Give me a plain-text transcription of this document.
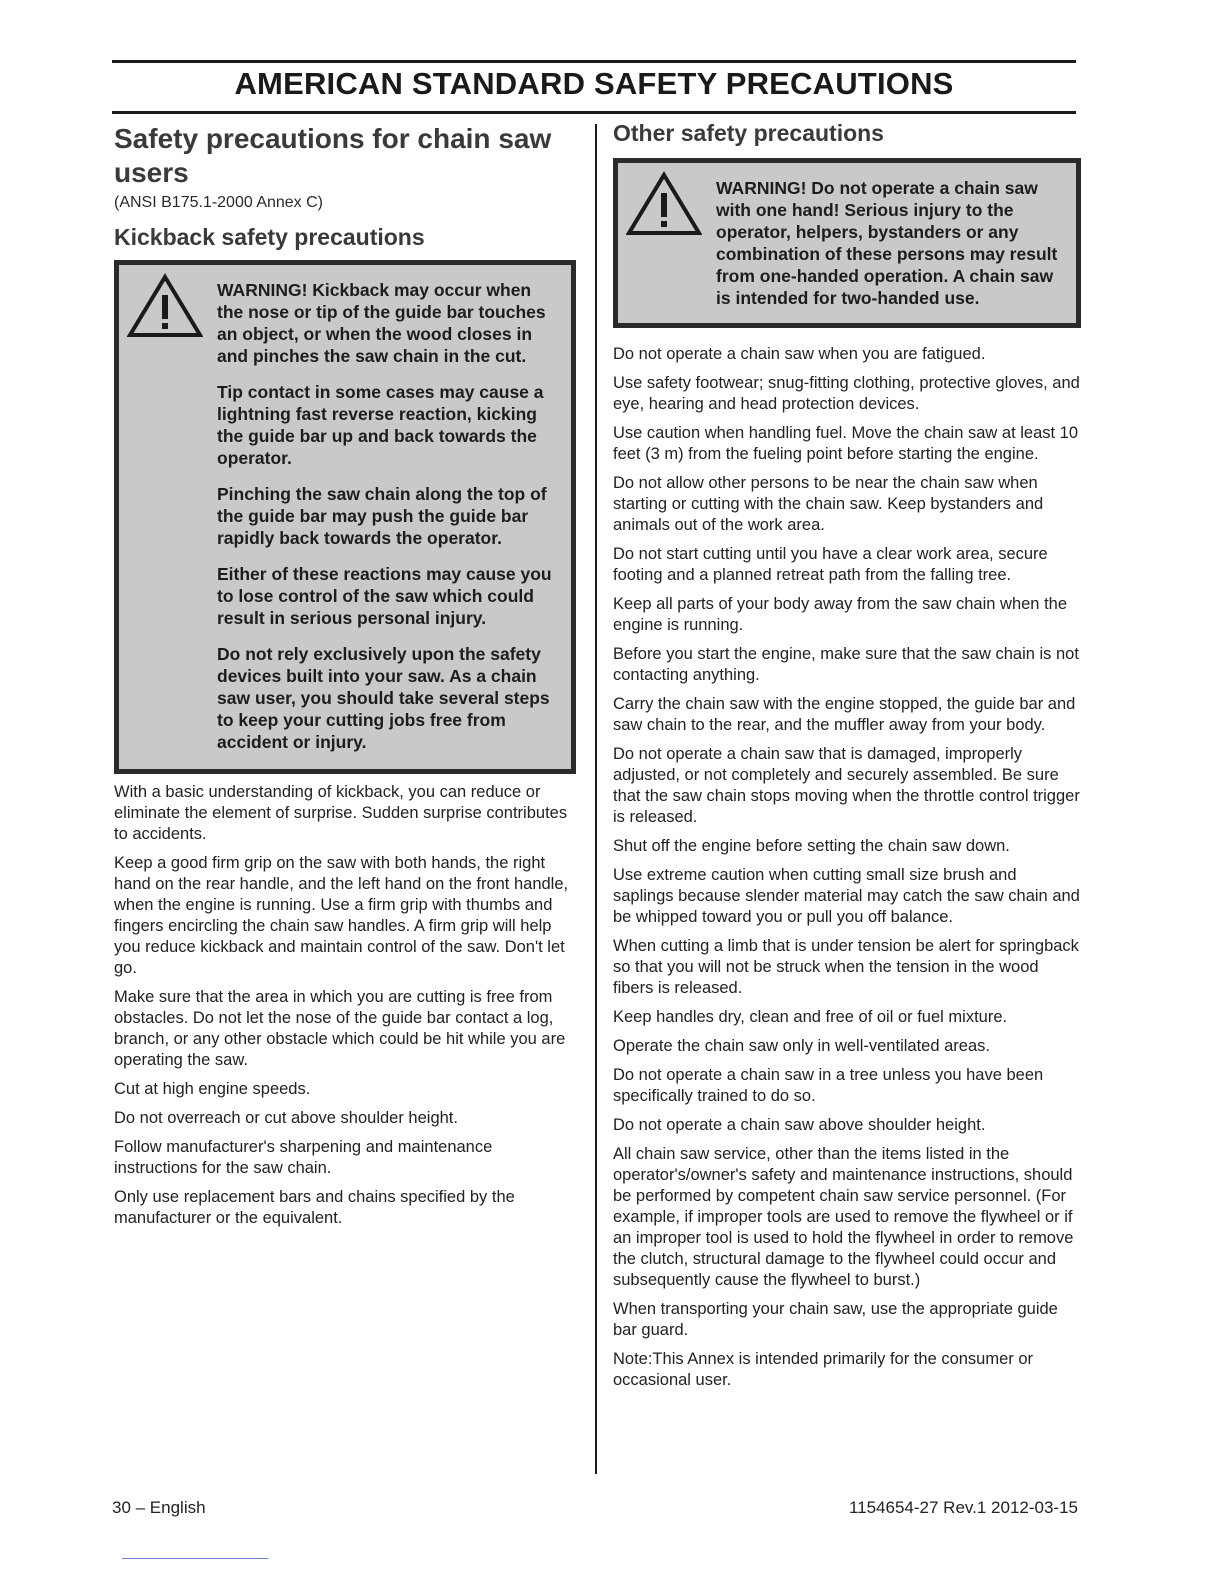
AMERICAN STANDARD SAFETY PRECAUTIONS
Safety precautions for chain saw users
(ANSI B175.1-2000 Annex C)
Kickback safety precautions

WARNING! Kickback may occur when the nose or tip of the guide bar touches an object, or when the wood closes in and pinches the saw chain in the cut.

Tip contact in some cases may cause a lightning fast reverse reaction, kicking the guide bar up and back towards the operator.

Pinching the saw chain along the top of the guide bar may push the guide bar rapidly back towards the operator.

Either of these reactions may cause you to lose control of the saw which could result in serious personal injury.

Do not rely exclusively upon the safety devices built into your saw. As a chain saw user, you should take several steps to keep your cutting jobs free from accident or injury.

With a basic understanding of kickback, you can reduce or eliminate the element of surprise. Sudden surprise contributes to accidents.

Keep a good firm grip on the saw with both hands, the right hand on the rear handle, and the left hand on the front handle, when the engine is running. Use a firm grip with thumbs and fingers encircling the chain saw handles. A firm grip will help you reduce kickback and maintain control of the saw. Don't let go.

Make sure that the area in which you are cutting is free from obstacles. Do not let the nose of the guide bar contact a log, branch, or any other obstacle which could be hit while you are operating the saw.

Cut at high engine speeds.

Do not overreach or cut above shoulder height.

Follow manufacturer's sharpening and maintenance instructions for the saw chain.

Only use replacement bars and chains specified by the manufacturer or the equivalent.

Other safety precautions

WARNING! Do not operate a chain saw with one hand! Serious injury to the operator, helpers, bystanders or any combination of these persons may result from one-handed operation. A chain saw is intended for two-handed use.

Do not operate a chain saw when you are fatigued.

Use safety footwear; snug-fitting clothing, protective gloves, and eye, hearing and head protection devices.

Use caution when handling fuel. Move the chain saw at least 10 feet (3 m) from the fueling point before starting the engine.

Do not allow other persons to be near the chain saw when starting or cutting with the chain saw. Keep bystanders and animals out of the work area.

Do not start cutting until you have a clear work area, secure footing and a planned retreat path from the falling tree.

Keep all parts of your body away from the saw chain when the engine is running.

Before you start the engine, make sure that the saw chain is not contacting anything.

Carry the chain saw with the engine stopped, the guide bar and saw chain to the rear, and the muffler away from your body.

Do not operate a chain saw that is damaged, improperly adjusted, or not completely and securely assembled. Be sure that the saw chain stops moving when the throttle control trigger is released.

Shut off the engine before setting the chain saw down.

Use extreme caution when cutting small size brush and saplings because slender material may catch the saw chain and be whipped toward you or pull you off balance.

When cutting a limb that is under tension be alert for springback so that you will not be struck when the tension in the wood fibers is released.

Keep handles dry, clean and free of oil or fuel mixture.

Operate the chain saw only in well-ventilated areas.

Do not operate a chain saw in a tree unless you have been specifically trained to do so.

Do not operate a chain saw above shoulder height.

All chain saw service, other than the items listed in the operator's/owner's safety and maintenance instructions, should be performed by competent chain saw service personnel. (For example, if improper tools are used to remove the flywheel or if an improper tool is used to hold the flywheel in order to remove the clutch, structural damage to the flywheel could occur and subsequently cause the flywheel to burst.)

When transporting your chain saw, use the appropriate guide bar guard.

Note:This Annex is intended primarily for the consumer or occasional user.

30 – English	1154654-27 Rev.1 2012-03-15
